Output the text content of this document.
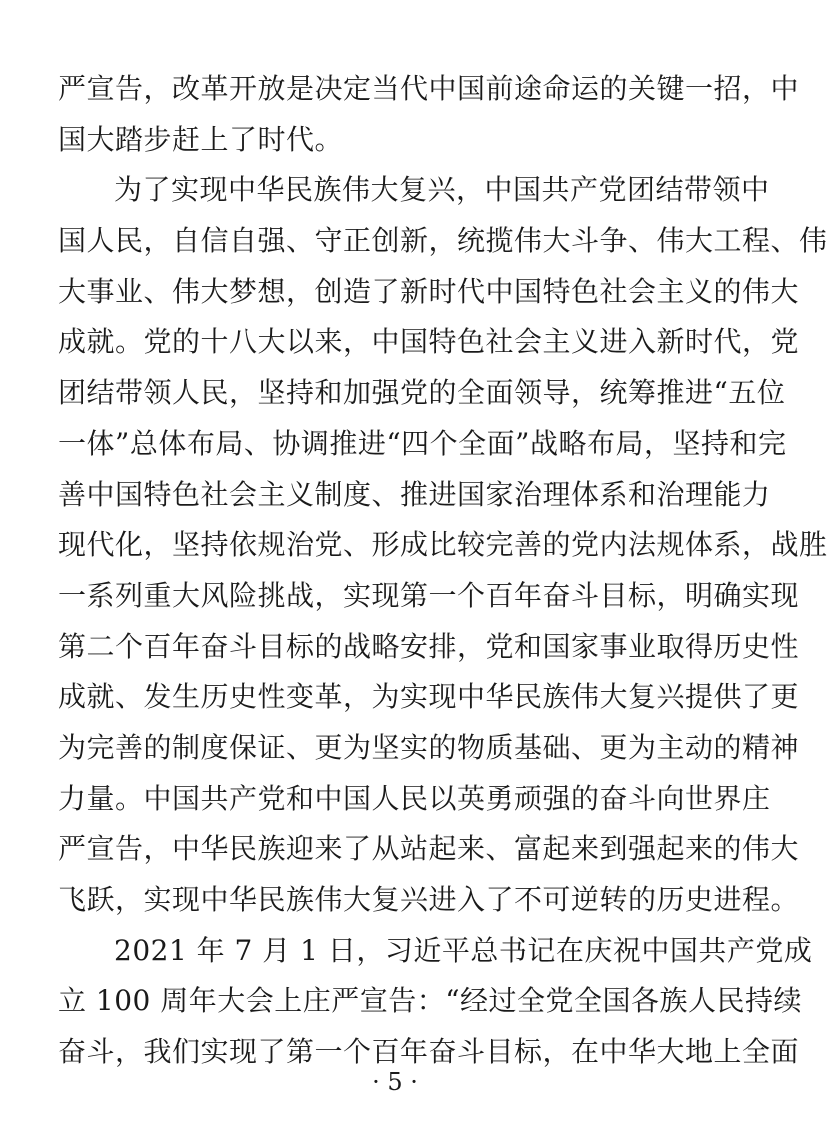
严宣告，改革开放是决定当代中国前途命运的关键一招，中
国大踏步赶上了时代。
为了实现中华民族伟大复兴，中国共产党团结带领中
国人民，自信自强、守正创新，统揽伟大斗争、伟大工程、伟
大事业、伟大梦想，创造了新时代中国特色社会主义的伟大
成就。党的十八大以来，中国特色社会主义进入新时代，党
团结带领人民，坚持和加强党的全面领导，统筹推进“五位
一体”总体布局、协调推进“四个全面”战略布局，坚持和完
善中国特色社会主义制度、推进国家治理体系和治理能力
现代化，坚持依规治党、形成比较完善的党内法规体系，战胜
一系列重大风险挑战，实现第一个百年奋斗目标，明确实现
第二个百年奋斗目标的战略安排，党和国家事业取得历史性
成就、发生历史性变革，为实现中华民族伟大复兴提供了更
为完善的制度保证、更为坚实的物质基础、更为主动的精神
力量。中国共产党和中国人民以英勇顽强的奋斗向世界庄
严宣告，中华民族迎来了从站起来、富起来到强起来的伟大
飞跃，实现中华民族伟大复兴进入了不可逆转的历史进程。
2021 年 7 月 1 日，习近平总书记在庆祝中国共产党成
立 100 周年大会上庄严宣告：“经过全党全国各族人民持续
奋斗，我们实现了第一个百年奋斗目标，在中华大地上全面
· 5 ·
